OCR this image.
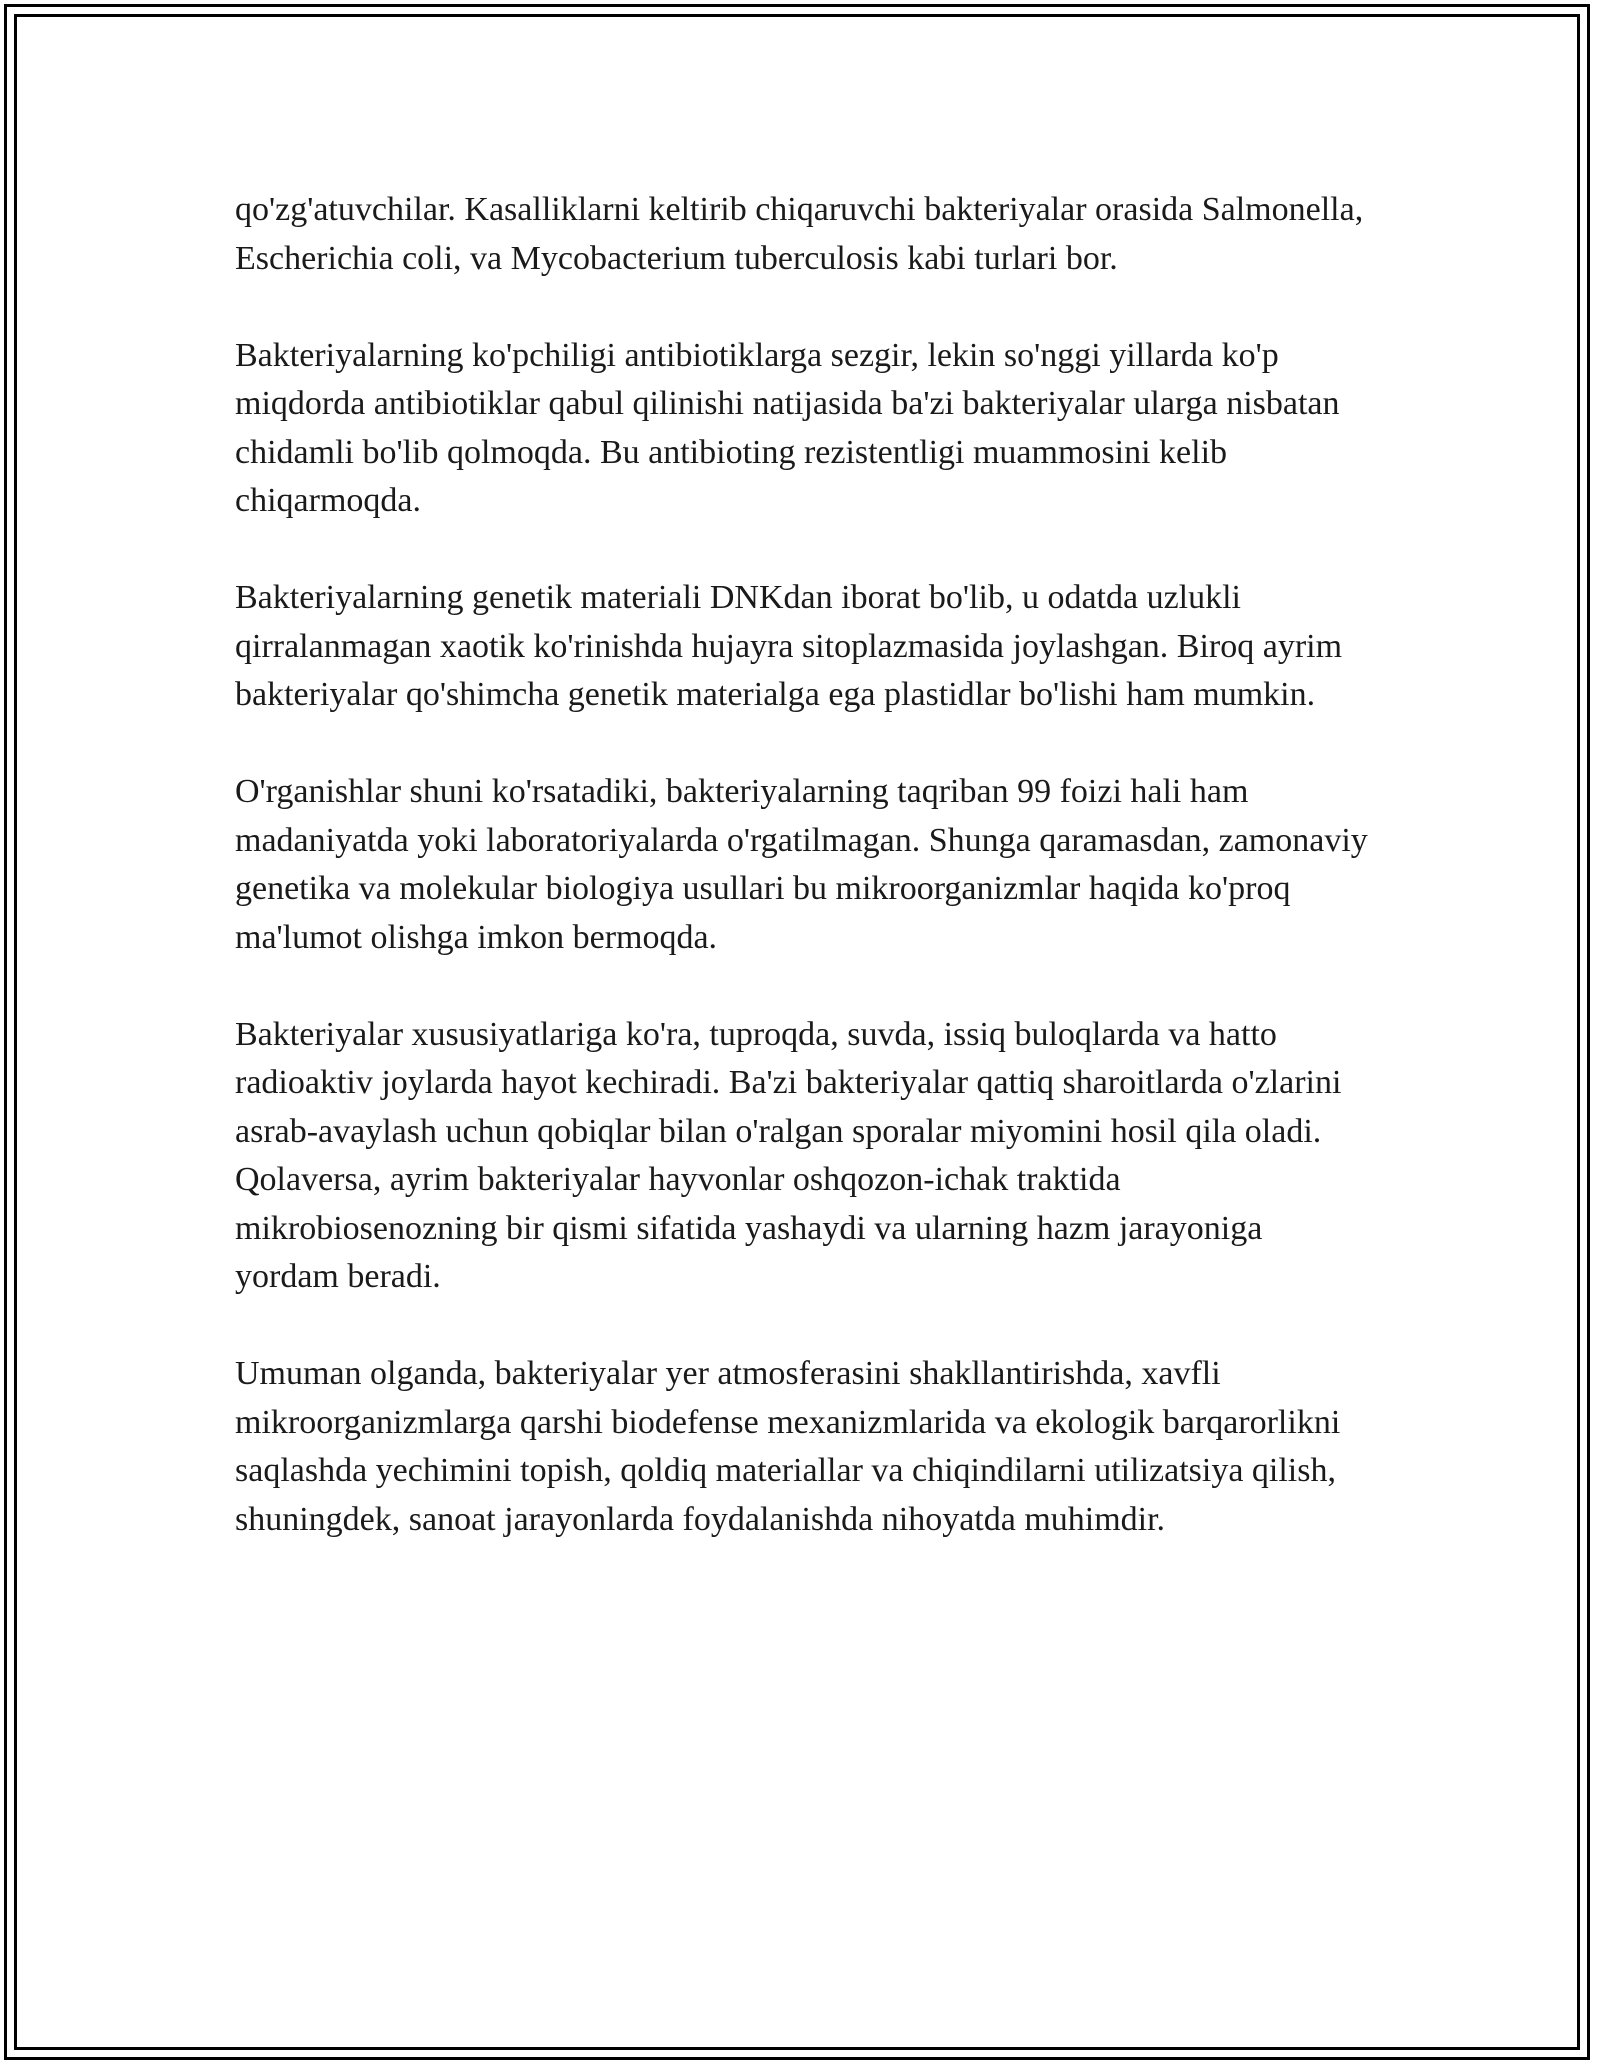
qo'zg'atuvchilar. Kasalliklarni keltirib chiqaruvchi bakteriyalar orasida Salmonella, Escherichia coli, va Mycobacterium tuberculosis kabi turlari bor.

Bakteriyalarning ko'pchiligi antibiotiklarga sezgir, lekin so'nggi yillarda ko'p miqdorda antibiotiklar qabul qilinishi natijasida ba'zi bakteriyalar ularga nisbatan chidamli bo'lib qolmoqda. Bu antibioting rezistentligi muammosini kelib chiqarmoqda.

Bakteriyalarning genetik materiali DNKdan iborat bo'lib, u odatda uzlukli qirralanmagan xaotik ko'rinishda hujayra sitoplazmasida joylashgan. Biroq ayrim bakteriyalar qo'shimcha genetik materialga ega plastidlar bo'lishi ham mumkin.

O'rganishlar shuni ko'rsatadiki, bakteriyalarning taqriban 99 foizi hali ham madaniyatda yoki laboratoriyalarda o'rgatilmagan. Shunga qaramasdan, zamonaviy genetika va molekular biologiya usullari bu mikroorganizmlar haqida ko'proq ma'lumot olishga imkon bermoqda.

Bakteriyalar xususiyatlariga ko'ra, tuproqda, suvda, issiq buloqlarda va hatto radioaktiv joylarda hayot kechiradi. Ba'zi bakteriyalar qattiq sharoitlarda o'zlarini asrab-avaylash uchun qobiqlar bilan o'ralgan sporalar miyomini hosil qila oladi. Qolaversa, ayrim bakteriyalar hayvonlar oshqozon-ichak traktida mikrobiosenozning bir qismi sifatida yashaydi va ularning hazm jarayoniga yordam beradi.

Umuman olganda, bakteriyalar yer atmosferasini shakllantirishda, xavfli mikroorganizmlarga qarshi biodefense mexanizmlarida va ekologik barqarorlikni saqlashda yechimini topish, qoldiq materiallar va chiqindilarni utilizatsiya qilish, shuningdek, sanoat jarayonlarda foydalanishda nihoyatda muhimdir.
